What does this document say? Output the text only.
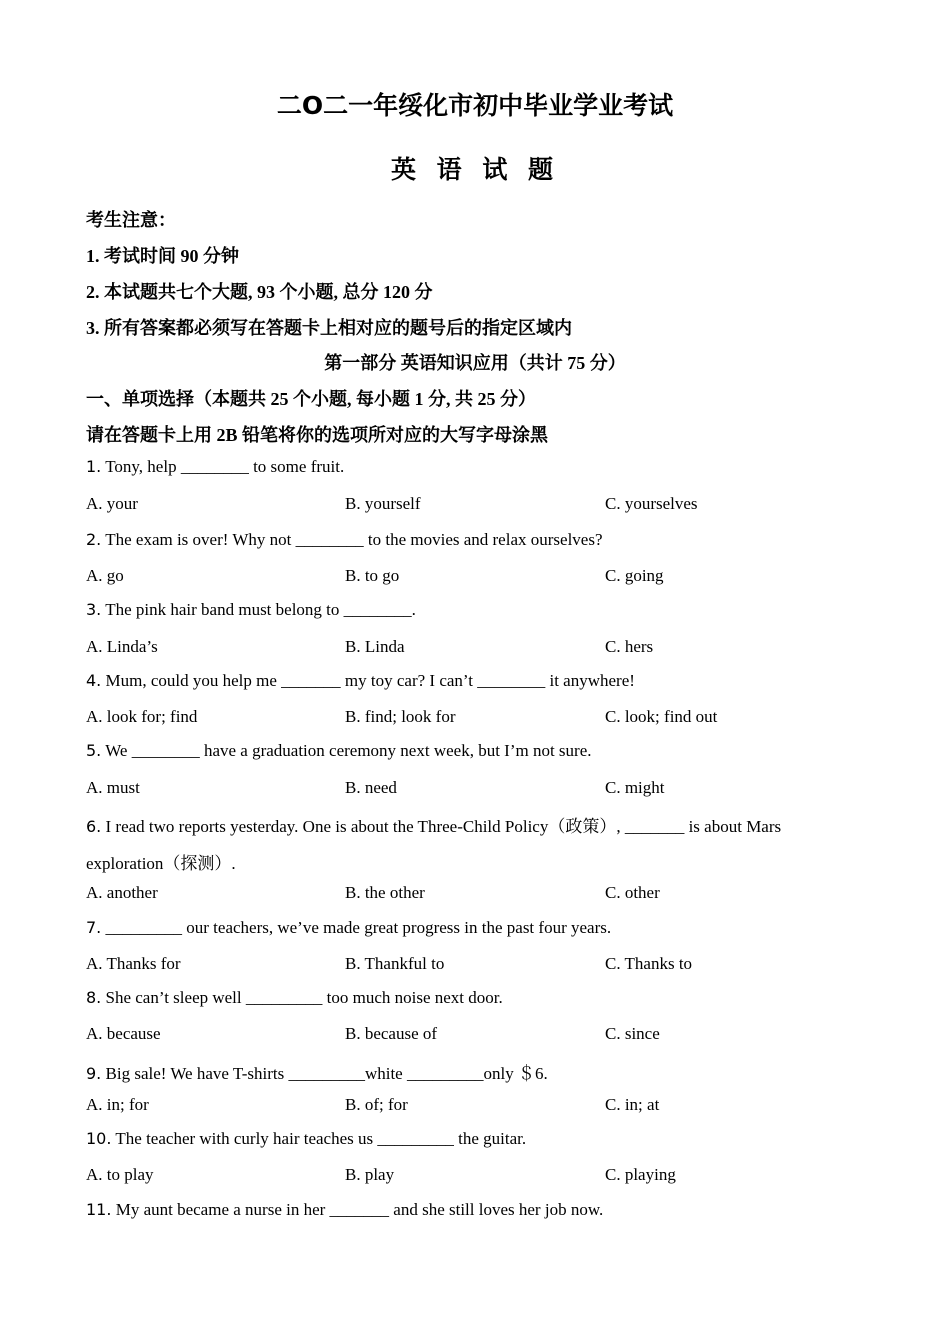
二O二一年绥化市初中毕业学业考试
英 语 试 题
考生注意：
1. 考试时间 90 分钟
2. 本试题共七个大题, 93 个小题, 总分 120 分
3. 所有答案都必须写在答题卡上相对应的题号后的指定区域内
第一部分 英语知识应用（共计 75 分）
一、单项选择（本题共 25 个小题, 每小题 1 分, 共 25 分）
请在答题卡上用 2B 铅笔将你的选项所对应的大写字母涂黑
1. Tony, help ________ to some fruit.
A. your	B. yourself	C. yourselves
2. The exam is over! Why not ________ to the movies and relax ourselves?
A. go	B. to go	C. going
3. The pink hair band must belong to ________.
A. Linda’s	B. Linda	C. hers
4. Mum, could you help me _______ my toy car? I can’t ________ it anywhere!
A. look for; find	B. find; look for	C. look; find out
5. We ________ have a graduation ceremony next week, but I’m not sure.
A. must	B. need	C. might
6. I read two reports yesterday. One is about the Three-Child Policy（政策）, _______ is about Mars
exploration（探测）.
A. another	B. the other	C. other
7. _________ our teachers, we’ve made great progress in the past four years.
A. Thanks for	B. Thankful to	C. Thanks to
8. She can’t sleep well _________ too much noise next door.
A. because	B. because of	C. since
9. Big sale! We have T-shirts _________white _________only ＄6.
A. in; for	B. of; for	C. in; at
10. The teacher with curly hair teaches us _________ the guitar.
A. to play	B. play	C. playing
11. My aunt became a nurse in her _______ and she still loves her job now.
